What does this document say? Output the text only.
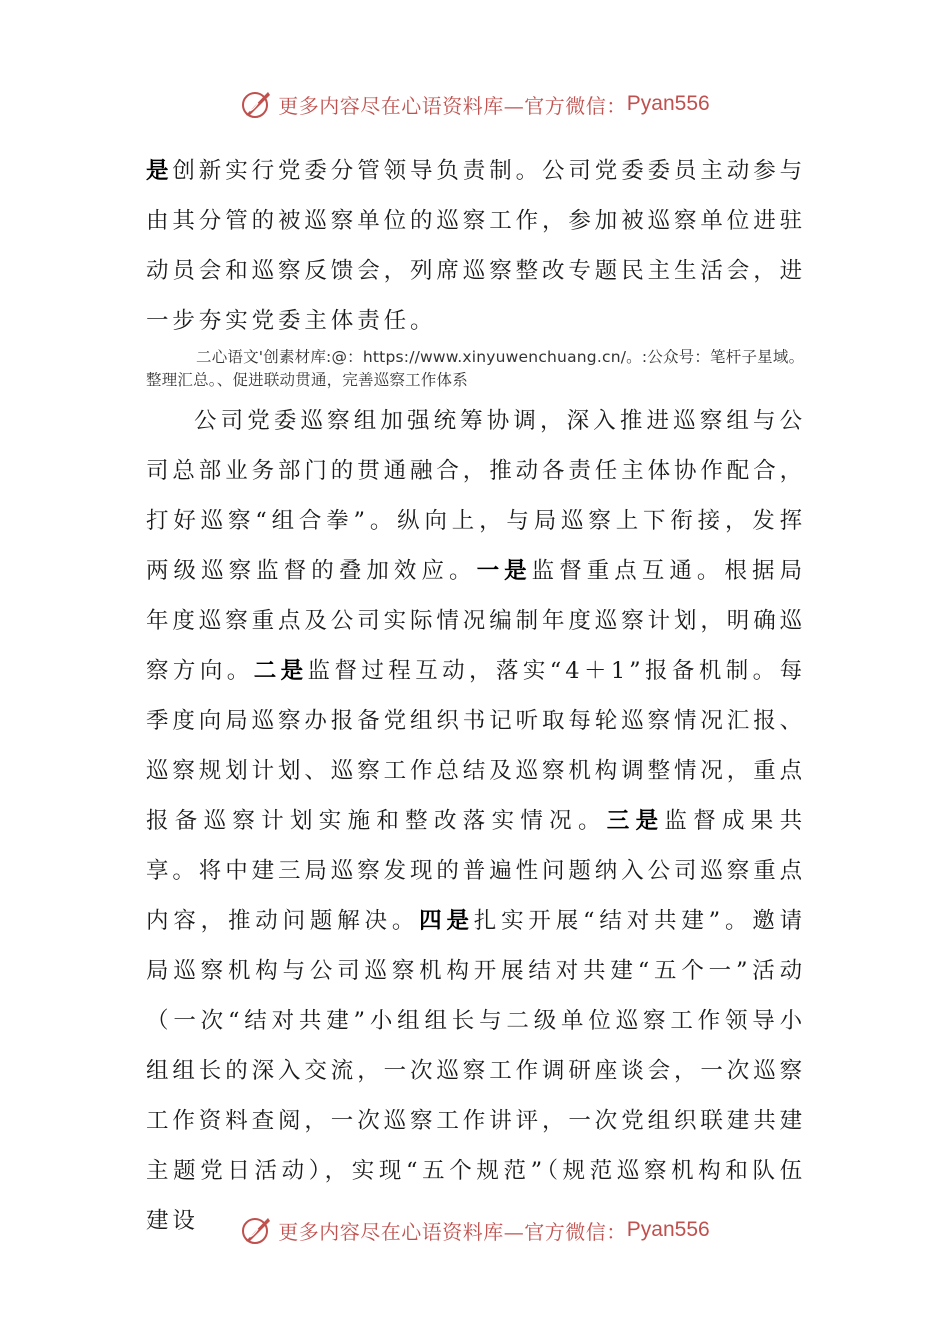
更多内容尽在心语资料库—官方微信： Pyan556

是创新实行党委分管领导负责制。公司党委委员主动参与由其分管的被巡察单位的巡察工作，参加被巡察单位进驻动员会和巡察反馈会，列席巡察整改专题民主生活会，进一步夯实党委主体责任。

二心语文'创素材库:@：https://www.xinyuwenchuang.cn/。:公众号：笔杆子星域。整理汇总。、促进联动贯通，完善巡察工作体系

公司党委巡察组加强统筹协调，深入推进巡察组与公司总部业务部门的贯通融合，推动各责任主体协作配合，打好巡察“组合拳”。纵向上，与局巡察上下衔接，发挥两级巡察监督的叠加效应。一是监督重点互通。根据局年度巡察重点及公司实际情况编制年度巡察计划，明确巡察方向。二是监督过程互动，落实“4＋1”报备机制。每季度向局巡察办报备党组织书记听取每轮巡察情况汇报、巡察规划计划、巡察工作总结及巡察机构调整情况，重点报备巡察计划实施和整改落实情况。三是监督成果共享。将中建三局巡察发现的普遍性问题纳入公司巡察重点内容，推动问题解决。四是扎实开展“结对共建”。邀请局巡察机构与公司巡察机构开展结对共建“五个一”活动（一次“结对共建”小组组长与二级单位巡察工作领导小组组长的深入交流，一次巡察工作调研座谈会，一次巡察工作资料查阅，一次巡察工作讲评，一次党组织联建共建主题党日活动），实现“五个规范”（规范巡察机构和队伍建设	更多内容尽在心语资料库—官方微信： Pyan556
